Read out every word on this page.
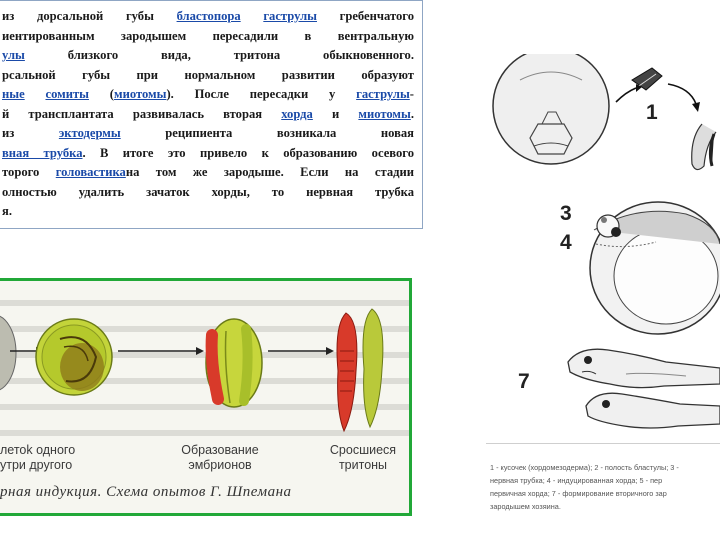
из дорсальной губы бластопора гаструлы гребенчатого
иентированным зародышем пересадили в вентральную
улы близкого вида, тритона обыкновенного.
рсальной губы при нормальном развитии образуют
ные сомиты (миотомы). После пересадки у гаструлы-
й трансплантата развивалась вторая хорда и миотомы.
из эктодермы реципиента возникала новая
вная трубка. В итоге это привело к образованию осевого
торого головастикана том же зародыше. Если на стадии
олностью удалить зачаток хорды, то нервная трубка
я.
летоk одного
утри другого
Образование
эмбрионов
Сросшиеся
тритоны
рная индукция. Схема опытов Г. Шпемана
1
3
4
7
1 - кусочек (хордомезодерма); 2 - полость бластулы; 3 -
нервная трубка; 4 - индуцированная хорда; 5 - пер
первичная хорда; 7 - формирование вторичного зар
зародышем хозяина.
